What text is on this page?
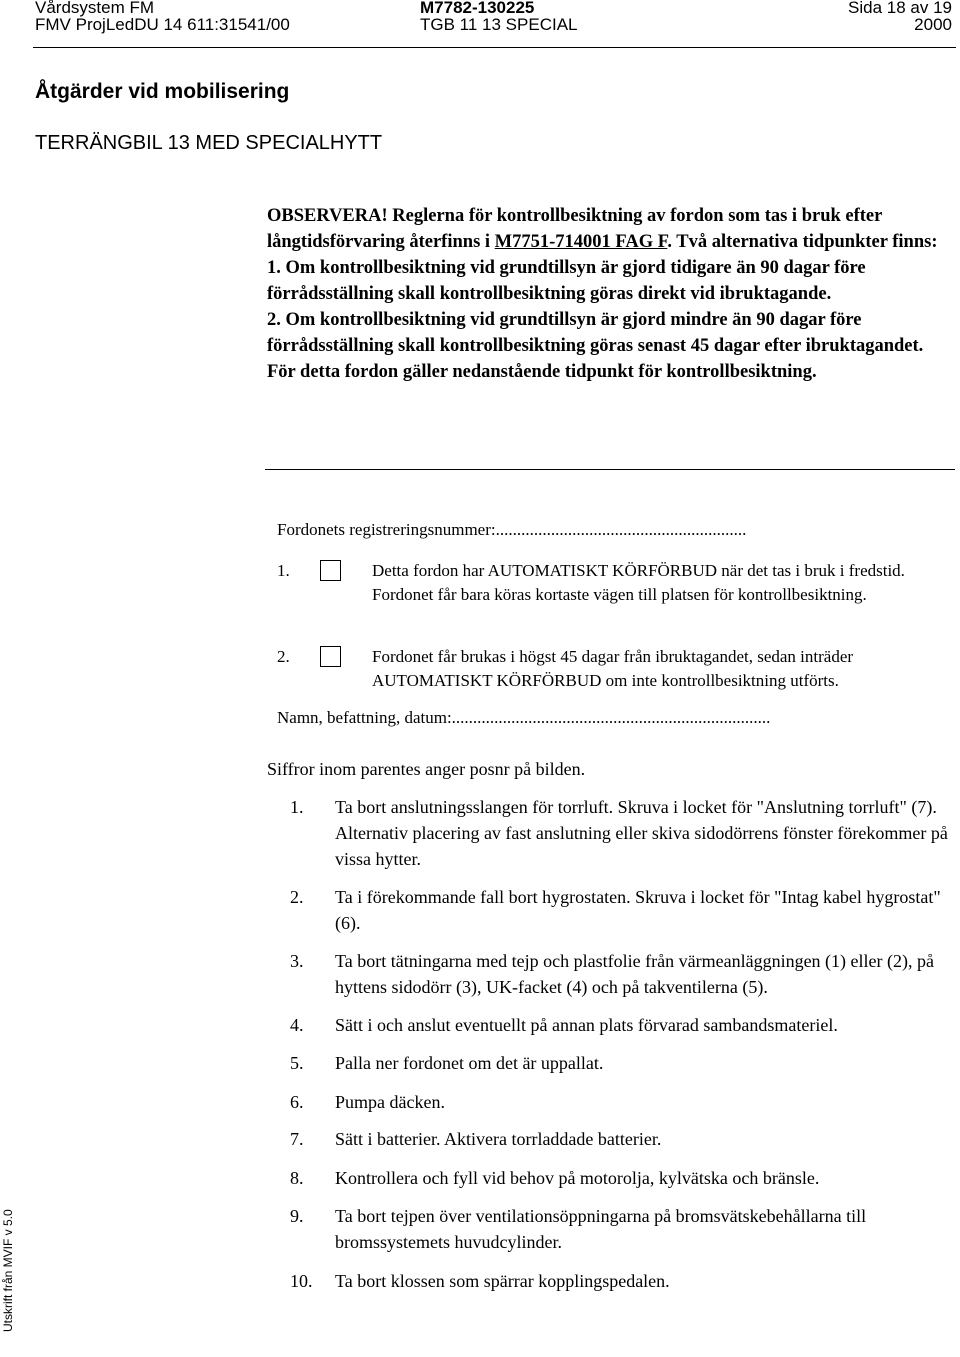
Vårdsystem FM
FMV ProjLedDU 14 611:31541/00
M7782-130225
TGB 11 13 SPECIAL
Sida 18 av 19
2000
Åtgärder vid mobilisering
TERRÄNGBIL 13 MED SPECIALHYTT

OBSERVERA! Reglerna för kontrollbesiktning av fordon som tas i bruk efter långtidsförvaring återfinns i M7751-714001 FAG F. Två alternativa tidpunkter finns:

1. Om kontrollbesiktning vid grundtillsyn är gjord tidigare än 90 dagar före förrådsställning skall kontrollbesiktning göras direkt vid ibruktagande.

2. Om kontrollbesiktning vid grundtillsyn är gjord mindre än 90 dagar före förrådsställning skall kontrollbesiktning göras senast 45 dagar efter ibruktagandet.

För detta fordon gäller nedanstående tidpunkt för kontrollbesiktning.

Fordonets registreringsnummer:...........................................................
1.	Detta fordon har AUTOMATISKT KÖRFÖRBUD när det tas i bruk i fredstid. Fordonet får bara köras kortaste vägen till platsen för kontrollbesiktning.
2.	Fordonet får brukas i högst 45 dagar från ibruktagandet, sedan inträder AUTOMATISKT KÖRFÖRBUD om inte kontrollbesiktning utförts.
Namn, befattning, datum:...........................................................................
Siffror inom parentes anger posnr på bilden.
1. Ta bort anslutningsslangen för torrluft. Skruva i locket för "Anslutning torrluft" (7). Alternativ placering av fast anslutning eller skiva sidodörrens fönster förekommer på vissa hytter.
2. Ta i förekommande fall bort hygrostaten. Skruva i locket för "Intag kabel hygrostat" (6).
3. Ta bort tätningarna med tejp och plastfolie från värmeanläggningen (1) eller (2), på hyttens sidodörr (3), UK-facket (4) och på takventilerna (5).
4. Sätt i och anslut eventuellt på annan plats förvarad sambandsmateriel.
5. Palla ner fordonet om det är uppallat.
6. Pumpa däcken.
7. Sätt i batterier. Aktivera torrladdade batterier.
8. Kontrollera och fyll vid behov på motorolja, kylvätska och bränsle.
9. Ta bort tejpen över ventilationsöppningarna på bromsvätskebehållarna till bromssystemets huvudcylinder.
10. Ta bort klossen som spärrar kopplingspedalen.
Utskrift från MVIF v 5.0
